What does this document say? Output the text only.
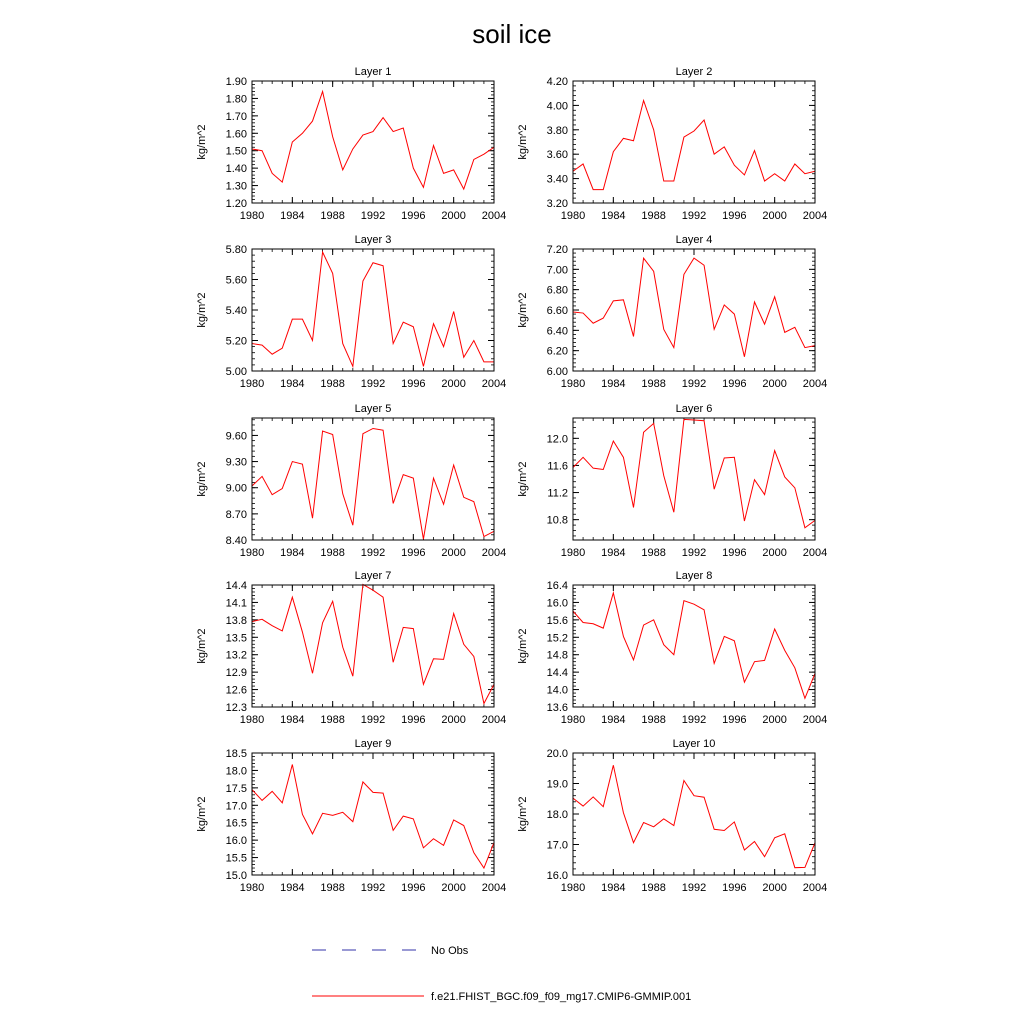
soil ice
Layer 1
kg/m^2
1980 1984 1988 1992 1996 2000 2004
1.20
1.30
1.40
1.50
1.60
1.70
1.80
1.90
Layer 2
kg/m^2
1980 1984 1988 1992 1996 2000 2004
3.20
3.40
3.60
3.80
4.00
4.20
Layer 3
kg/m^2
1980 1984 1988 1992 1996 2000 2004
5.00
5.20
5.40
5.60
5.80
Layer 4
kg/m^2
1980 1984 1988 1992 1996 2000 2004
6.00
6.20
6.40
6.60
6.80
7.00
7.20
Layer 5
kg/m^2
1980 1984 1988 1992 1996 2000 2004
8.40
8.70
9.00
9.30
9.60
Layer 6
kg/m^2
1980 1984 1988 1992 1996 2000 2004
10.8
11.2
11.6
12.0
Layer 7
kg/m^2
1980 1984 1988 1992 1996 2000 2004
12.3
12.6
12.9
13.2
13.5
13.8
14.1
14.4
Layer 8
kg/m^2
1980 1984 1988 1992 1996 2000 2004
13.6
14.0
14.4
14.8
15.2
15.6
16.0
16.4
Layer 9
kg/m^2
1980 1984 1988 1992 1996 2000 2004
15.0
15.5
16.0
16.5
17.0
17.5
18.0
18.5
Layer 10
kg/m^2
1980 1984 1988 1992 1996 2000 2004
16.0
17.0
18.0
19.0
20.0
No Obs
f.e21.FHIST_BGC.f09_f09_mg17.CMIP6-GMMIP.001
